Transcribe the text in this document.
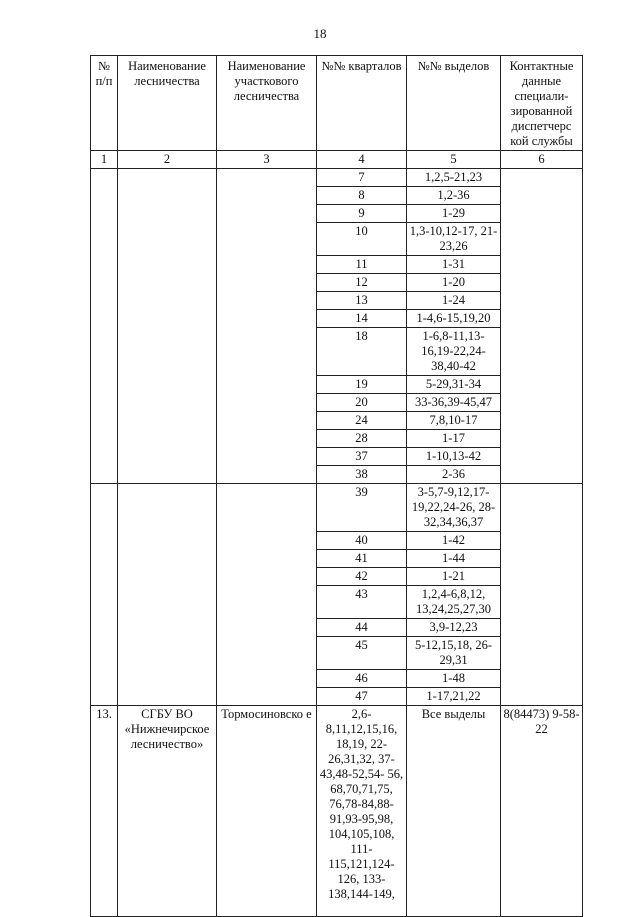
18
№ п/п	Наименование лесничества	Наименование участкового лесничества	№№ кварталов	№№ выделов	Контактные данные специали- зированной диспетчерс кой службы
1	2	3	4	5	6
			7	1,2,5-21,23	
			8	1,2-36	
			9	1-29	
			10	1,3-10,12-17, 21-23,26	
			11	1-31	
			12	1-20	
			13	1-24	
			14	1-4,6-15,19,20	
			18	1-6,8-11,13- 16,19-22,24- 38,40-42	
			19	5-29,31-34	
			20	33-36,39-45,47	
			24	7,8,10-17	
			28	1-17	
			37	1-10,13-42	
			38	2-36	
			39	3-5,7-9,12,17- 19,22,24-26, 28-32,34,36,37	
			40	1-42	
			41	1-44	
			42	1-21	
			43	1,2,4-6,8,12, 13,24,25,27,30	
			44	3,9-12,23	
			45	5-12,15,18, 26-29,31	
			46	1-48	
			47	1-17,21,22	
13.	СГБУ ВО «Нижнечирское лесничество»	Тормосиновско е	2,6- 8,11,12,15,16, 18,19, 22- 26,31,32, 37- 43,48-52,54- 56, 68,70,71,75, 76,78-84,88- 91,93-95,98, 104,105,108, 111- 115,121,124- 126, 133- 138,144-149,	Все выделы	8(84473) 9-58-22
